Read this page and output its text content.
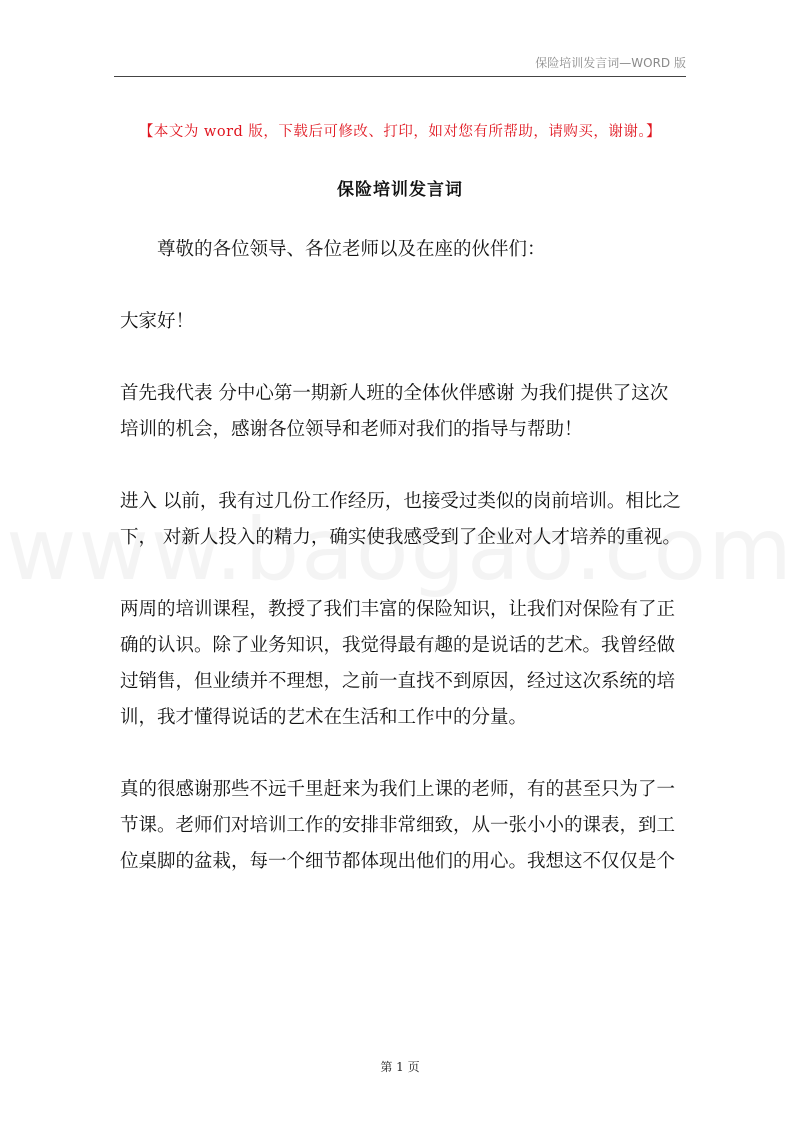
保险培训发言词—WORD 版
【本文为 word 版，下载后可修改、打印，如对您有所帮助，请购买，谢谢。】
保险培训发言词

尊敬的各位领导、各位老师以及在座的伙伴们：

大家好！

首先我代表 分中心第一期新人班的全体伙伴感谢 为我们提供了这次培训的机会，感谢各位领导和老师对我们的指导与帮助！

进入 以前，我有过几份工作经历，也接受过类似的岗前培训。相比之下， 对新人投入的精力，确实使我感受到了企业对人才培养的重视。

两周的培训课程，教授了我们丰富的保险知识，让我们对保险有了正确的认识。除了业务知识，我觉得最有趣的是说话的艺术。我曾经做过销售，但业绩并不理想，之前一直找不到原因，经过这次系统的培训，我才懂得说话的艺术在生活和工作中的分量。

真的很感谢那些不远千里赶来为我们上课的老师，有的甚至只为了一节课。老师们对培训工作的安排非常细致，从一张小小的课表，到工位桌脚的盆栽，每一个细节都体现出他们的用心。我想这不仅仅是个

第 1 页
